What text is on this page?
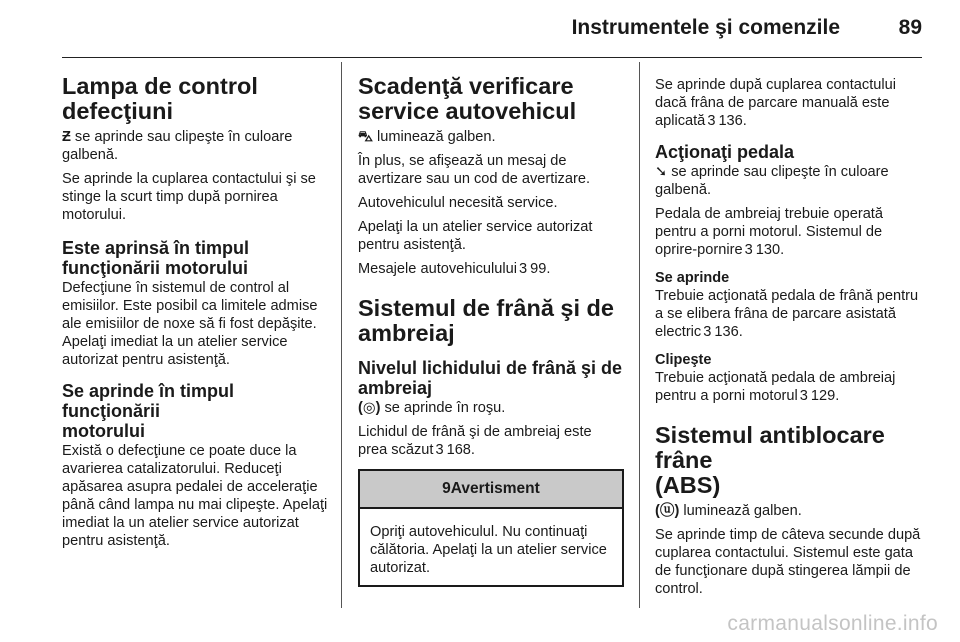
Instrumentele şi comenzile	89
Lampa de control
defecţiuni

Ƶ se aprinde sau clipeşte în culoare galbenă.

Se aprinde la cuplarea contactului şi se stinge la scurt timp după pornirea motorului.

Este aprinsă în timpul
funcţionării motorului

Defecţiune în sistemul de control al emisiilor. Este posibil ca limitele admise ale emisiilor de noxe să fi fost depăşite. Apelaţi imediat la un atelier service autorizat pentru asistenţă.

Se aprinde în timpul funcţionării
motorului

Există o defecţiune ce poate duce la avarierea catalizatorului. Reduceţi apăsarea asupra pedalei de acceleraţie până când lampa nu mai clipeşte. Apelaţi imediat la un atelier service autorizat pentru asistenţă.

Scadenţă verificare
service autovehicul

⛍ luminează galben.

În plus, se afişează un mesaj de avertizare sau un cod de avertizare.

Autovehiculul necesită service.

Apelaţi la un atelier service autorizat pentru asistenţă.

Mesajele autovehiculului 3 99.

Sistemul de frână şi de
ambreiaj
Nivelul lichidului de frână şi de
ambreiaj

(◎) se aprinde în roşu.

Lichidul de frână şi de ambreiaj este prea scăzut 3 168.

9 Avertisment

Opriţi autovehiculul. Nu continuaţi călătoria. Apelaţi la un atelier service autorizat.

Se aprinde după cuplarea contactului dacă frâna de parcare manuală este aplicată 3 136.

Acţionaţi pedala

➘ se aprinde sau clipeşte în culoare galbenă.

Pedala de ambreiaj trebuie operată pentru a porni motorul. Sistemul de oprire-pornire 3 130.

Se aprinde

Trebuie acţionată pedala de frână pentru a se elibera frâna de parcare asistată electric 3 136.

Clipeşte

Trebuie acţionată pedala de ambreiaj pentru a porni motorul 3 129.

Sistemul antiblocare frâne
(ABS)

(ⓤ) luminează galben.

Se aprinde timp de câteva secunde după cuplarea contactului. Sistemul este gata de funcţionare după stingerea lămpii de control.

carmanualsonline.info
